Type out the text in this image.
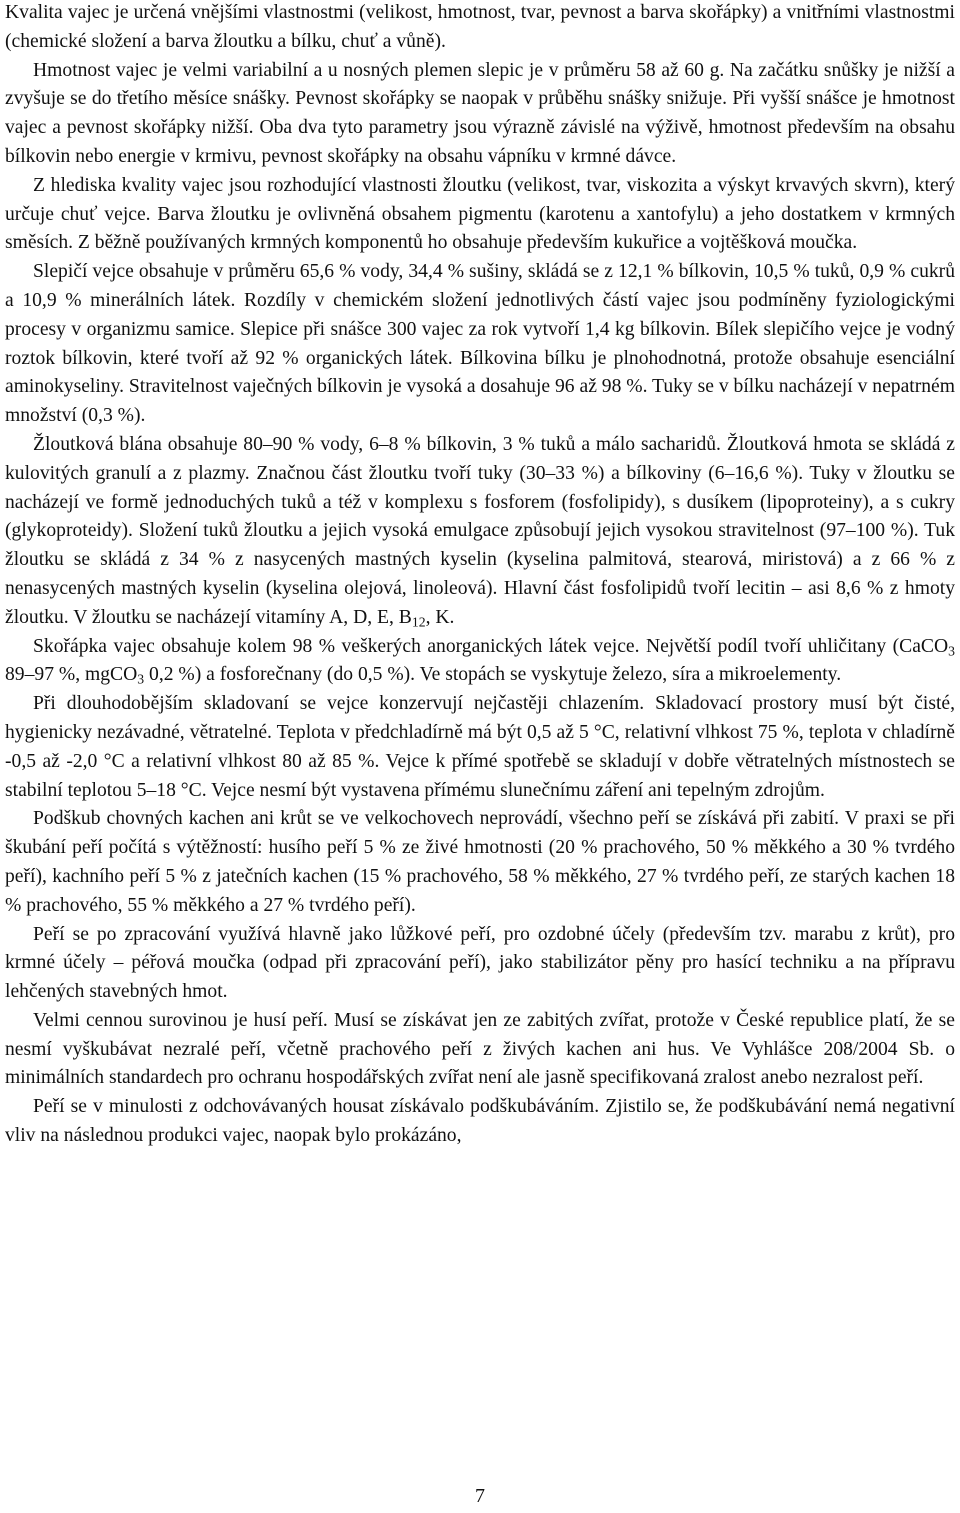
Kvalita vajec je určená vnějšími vlastnostmi (velikost, hmotnost, tvar, pevnost a barva skořápky) a vnitřními vlastnostmi (chemické složení a barva žloutku a bílku, chuť a vůně).

Hmotnost vajec je velmi variabilní a u nosných plemen slepic je v průměru 58 až 60 g. Na začátku snůšky je nižší a zvyšuje se do třetího měsíce snášky. Pevnost skořápky se naopak v průběhu snášky snižuje. Při vyšší snášce je hmotnost vajec a pevnost skořápky nižší. Oba dva tyto parametry jsou výrazně závislé na výživě, hmotnost především na obsahu bílkovin nebo energie v krmivu, pevnost skořápky na obsahu vápníku v krmné dávce.

Z hlediska kvality vajec jsou rozhodující vlastnosti žloutku (velikost, tvar, viskozita a výskyt krvavých skvrn), který určuje chuť vejce. Barva žloutku je ovlivněná obsahem pigmentu (karotenu a xantofylu) a jeho dostatkem v krmných směsích. Z běžně používaných krmných komponentů ho obsahuje především kukuřice a vojtěšková moučka.

Slepičí vejce obsahuje v průměru 65,6 % vody, 34,4 % sušiny, skládá se z 12,1 % bílkovin, 10,5 % tuků, 0,9 % cukrů a 10,9 % minerálních látek. Rozdíly v chemickém složení jednotlivých částí vajec jsou podmíněny fyziologickými procesy v organizmu samice. Slepice při snášce 300 vajec za rok vytvoří 1,4 kg bílkovin. Bílek slepičího vejce je vodný roztok bílkovin, které tvoří až 92 % organických látek. Bílkovina bílku je plnohodnotná, protože obsahuje esenciální aminokyseliny. Stravitelnost vaječných bílkovin je vysoká a dosahuje 96 až 98 %. Tuky se v bílku nacházejí v nepatrném množství (0,3 %).

Žloutková blána obsahuje 80–90 % vody, 6–8 % bílkovin, 3 % tuků a málo sacharidů. Žloutková hmota se skládá z kulovitých granulí a z plazmy. Značnou část žloutku tvoří tuky (30–33 %) a bílkoviny (6–16,6 %). Tuky v žloutku se nacházejí ve formě jednoduchých tuků a též v komplexu s fosforem (fosfolipidy), s dusíkem (lipoproteiny), a s cukry (glykoproteidy). Složení tuků žloutku a jejich vysoká emulgace způsobují jejich vysokou stravitelnost (97–100 %). Tuk žloutku se skládá z 34 % z nasycených mastných kyselin (kyselina palmitová, stearová, miristová) a z 66 % z nenasycených mastných kyselin (kyselina olejová, linoleová). Hlavní část fosfolipidů tvoří lecitin – asi 8,6 % z hmoty žloutku. V žloutku se nacházejí vitamíny A, D, E, $B_{12}$, K.

Skořápka vajec obsahuje kolem 98 % veškerých anorganických látek vejce. Největší podíl tvoří uhličitany (CaCO$_3$ 89–97 %, mgCO$_3$ 0,2 %) a fosforečnany (do 0,5 %). Ve stopách se vyskytuje železo, síra a mikroelementy.

Při dlouhodobějším skladovaní se vejce konzervují nejčastěji chlazením. Skladovací prostory musí být čisté, hygienicky nezávadné, větratelné. Teplota v předchladírně má být 0,5 až 5 °C, relativní vlhkost 75 %, teplota v chladírně -0,5 až -2,0 °C a relativní vlhkost 80 až 85 %. Vejce k přímé spotřebě se skladují v dobře větratelných místnostech se stabilní teplotou 5–18 °C. Vejce nesmí být vystavena přímému slunečnímu záření ani tepelným zdrojům.

Podškub chovných kachen ani krůt se ve velkochovech neprovádí, všechno peří se získává při zabití. V praxi se při škubání peří počítá s výtěžností: husího peří 5 % ze živé hmotnosti (20 % prachového, 50 % měkkého a 30 % tvrdého peří), kachního peří 5 % z jatečních kachen (15 % prachového, 58 % měkkého, 27 % tvrdého peří, ze starých kachen 18 % prachového, 55 % měkkého a 27 % tvrdého peří).

Peří se po zpracování využívá hlavně jako lůžkové peří, pro ozdobné účely (především tzv. marabu z krůt), pro krmné účely – péřová moučka (odpad při zpracování peří), jako stabilizátor pěny pro hasící techniku a na přípravu lehčených stavebných hmot.

Velmi cennou surovinou je husí peří. Musí se získávat jen ze zabitých zvířat, protože v České republice platí, že se nesmí vyškubávat nezralé peří, včetně prachového peří z živých kachen ani hus. Ve Vyhlášce 208/2004 Sb. o minimálních standardech pro ochranu hospodářských zvířat není ale jasně specifikovaná zralost anebo nezralost peří.

Peří se v minulosti z odchovávaných housat získávalo podškubáváním. Zjistilo se, že podškubávání nemá negativní vliv na následnou produkci vajec, naopak bylo prokázáno,

7
